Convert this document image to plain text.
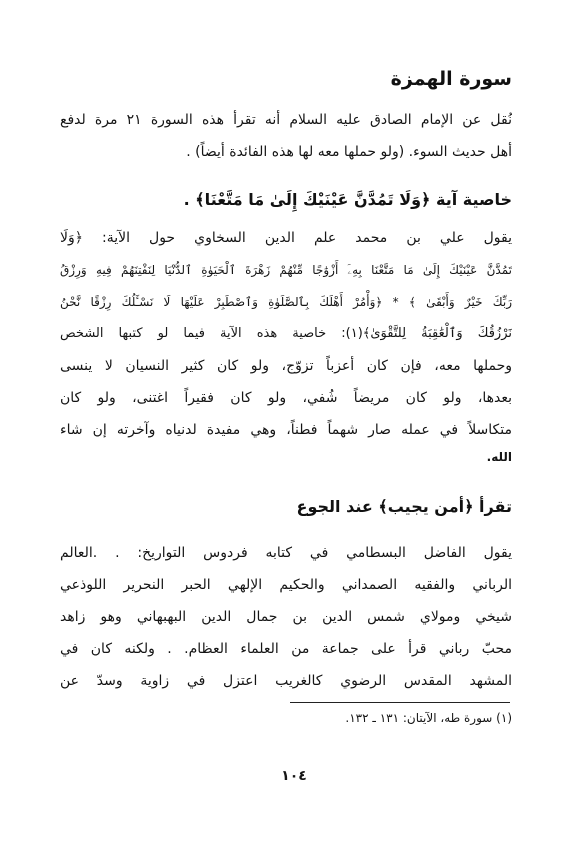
سورة الهمزة
نُقل عن الإمام الصادق عليه السلام أنه تقرأ هذه السورة ٢١ مرة لدفع
أهل حديث السوء. (ولو حملها معه لها هذه الفائدة أيضاً) .
خاصية آية ﴿وَلَا تَمُدَّنَّ عَيْنَيْكَ إِلَىٰ مَا مَتَّعْنَا﴾ .
يقول علي بن محمد علم الدين السخاوي حول الآية: ﴿وَلَا
تَمُدَّنَّ عَيْنَيْكَ إِلَىٰ مَا مَتَّعْنَا بِهِۦٓ أَزْوَٰجًا مِّنْهُمْ زَهْرَةَ ٱلْحَيَوٰةِ ٱلدُّنْيَا لِنَفْتِنَهُمْ فِيهِ وَرِزْقُ
رَبِّكَ خَيْرٌ وَأَبْقَىٰ ﴾ * ﴿وَأْمُرْ أَهْلَكَ بِٱلصَّلَوٰةِ وَٱصْطَبِرْ عَلَيْهَا لَا نَسْـَٔلُكَ رِزْقًا نَّحْنُ
نَرْزُقُكَ وَٱلْعَٰقِبَةُ لِلتَّقْوَىٰ﴾(١): خاصية هذه الآية فيما لو كتبها الشخص
وحملها معه، فإن كان أعزباً تزوّج، ولو كان كثير النسيان لا ينسى
بعدها، ولو كان مريضاً شُفي، ولو كان فقيراً اغتنى، ولو كان
متكاسلاً في عمله صار شهماً فطناً، وهي مفيدة لدنياه وآخرته إن شاء
الله.
تقرأ ﴿أمن يجيب﴾ عند الجوع
يقول الفاضل البسطامي في كتابه فردوس التواريخ: . .العالم
الرباني والفقيه الصمداني والحكيم الإلهي الحبر النحرير اللوذعي
شيخي ومولاي شمس الدين بن جمال الدين البهبهاني وهو زاهد
محبّ رباني قرأ على جماعة من العلماء العظام. . ولكنه كان في
المشهد المقدس الرضوي كالغريب اعتزل في زاوية وسدّ عن
(١) سورة طه، الآيتان: ١٣١ ـ ١٣٢.
١٠٤
